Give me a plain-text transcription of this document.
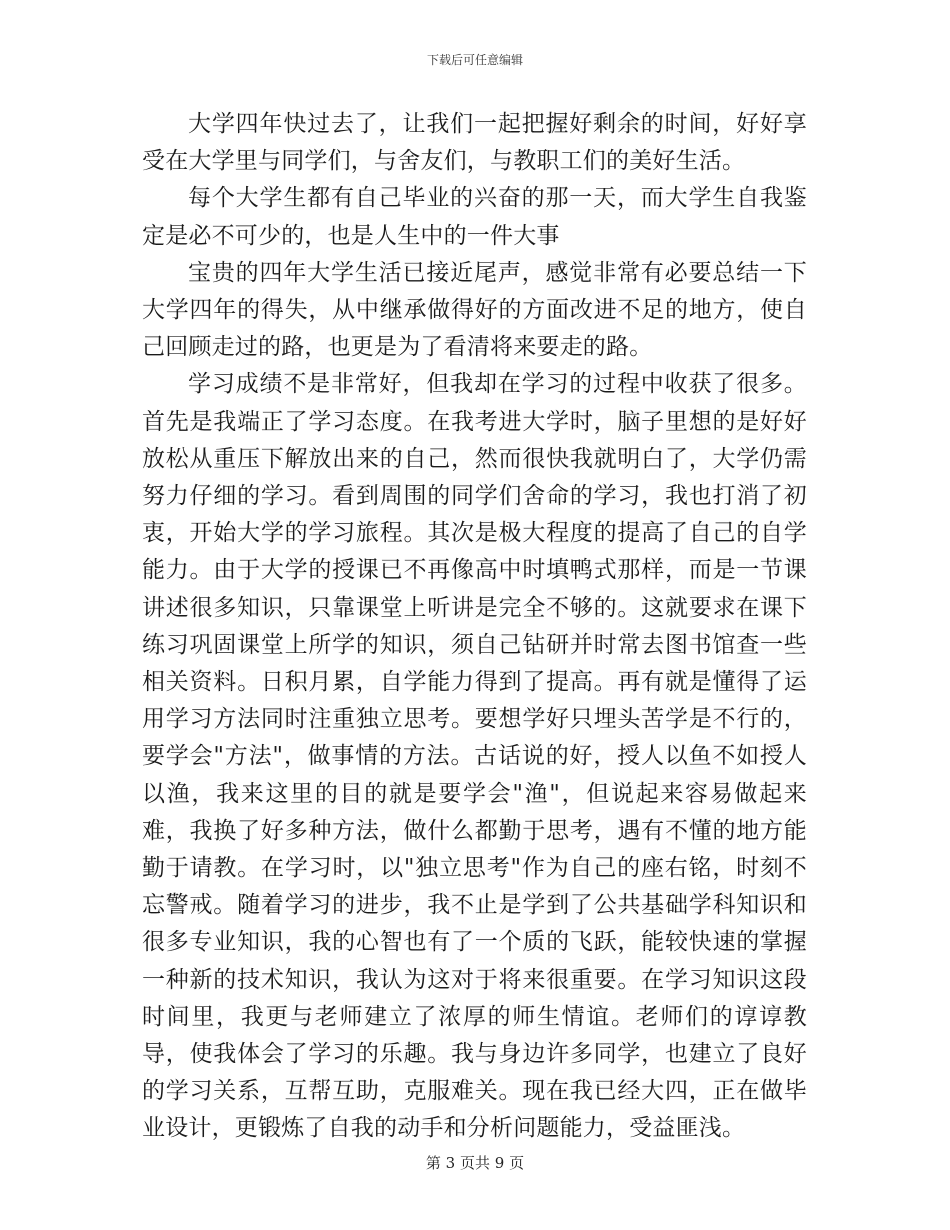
下载后可任意编辑

大学四年快过去了，让我们一起把握好剩余的时间，好好享受在大学里与同学们，与舍友们，与教职工们的美好生活。

每个大学生都有自己毕业的兴奋的那一天，而大学生自我鉴定是必不可少的，也是人生中的一件大事

宝贵的四年大学生活已接近尾声，感觉非常有必要总结一下大学四年的得失，从中继承做得好的方面改进不足的地方，使自己回顾走过的路，也更是为了看清将来要走的路。

学习成绩不是非常好，但我却在学习的过程中收获了很多。首先是我端正了学习态度。在我考进大学时，脑子里想的是好好放松从重压下解放出来的自己，然而很快我就明白了，大学仍需努力仔细的学习。看到周围的同学们舍命的学习，我也打消了初衷，开始大学的学习旅程。其次是极大程度的提高了自己的自学能力。由于大学的授课已不再像高中时填鸭式那样，而是一节课讲述很多知识，只靠课堂上听讲是完全不够的。这就要求在课下练习巩固课堂上所学的知识，须自己钻研并时常去图书馆查一些相关资料。日积月累，自学能力得到了提高。再有就是懂得了运用学习方法同时注重独立思考。要想学好只埋头苦学是不行的，要学会"方法"，做事情的方法。古话说的好，授人以鱼不如授人以渔，我来这里的目的就是要学会"渔"，但说起来容易做起来难，我换了好多种方法，做什么都勤于思考，遇有不懂的地方能勤于请教。在学习时，以"独立思考"作为自己的座右铭，时刻不忘警戒。随着学习的进步，我不止是学到了公共基础学科知识和很多专业知识，我的心智也有了一个质的飞跃，能较快速的掌握一种新的技术知识，我认为这对于将来很重要。在学习知识这段时间里，我更与老师建立了浓厚的师生情谊。老师们的谆谆教导，使我体会了学习的乐趣。我与身边许多同学，也建立了良好的学习关系，互帮互助，克服难关。现在我已经大四，正在做毕业设计，更锻炼了自我的动手和分析问题能力，受益匪浅。

第 3 页共 9 页
